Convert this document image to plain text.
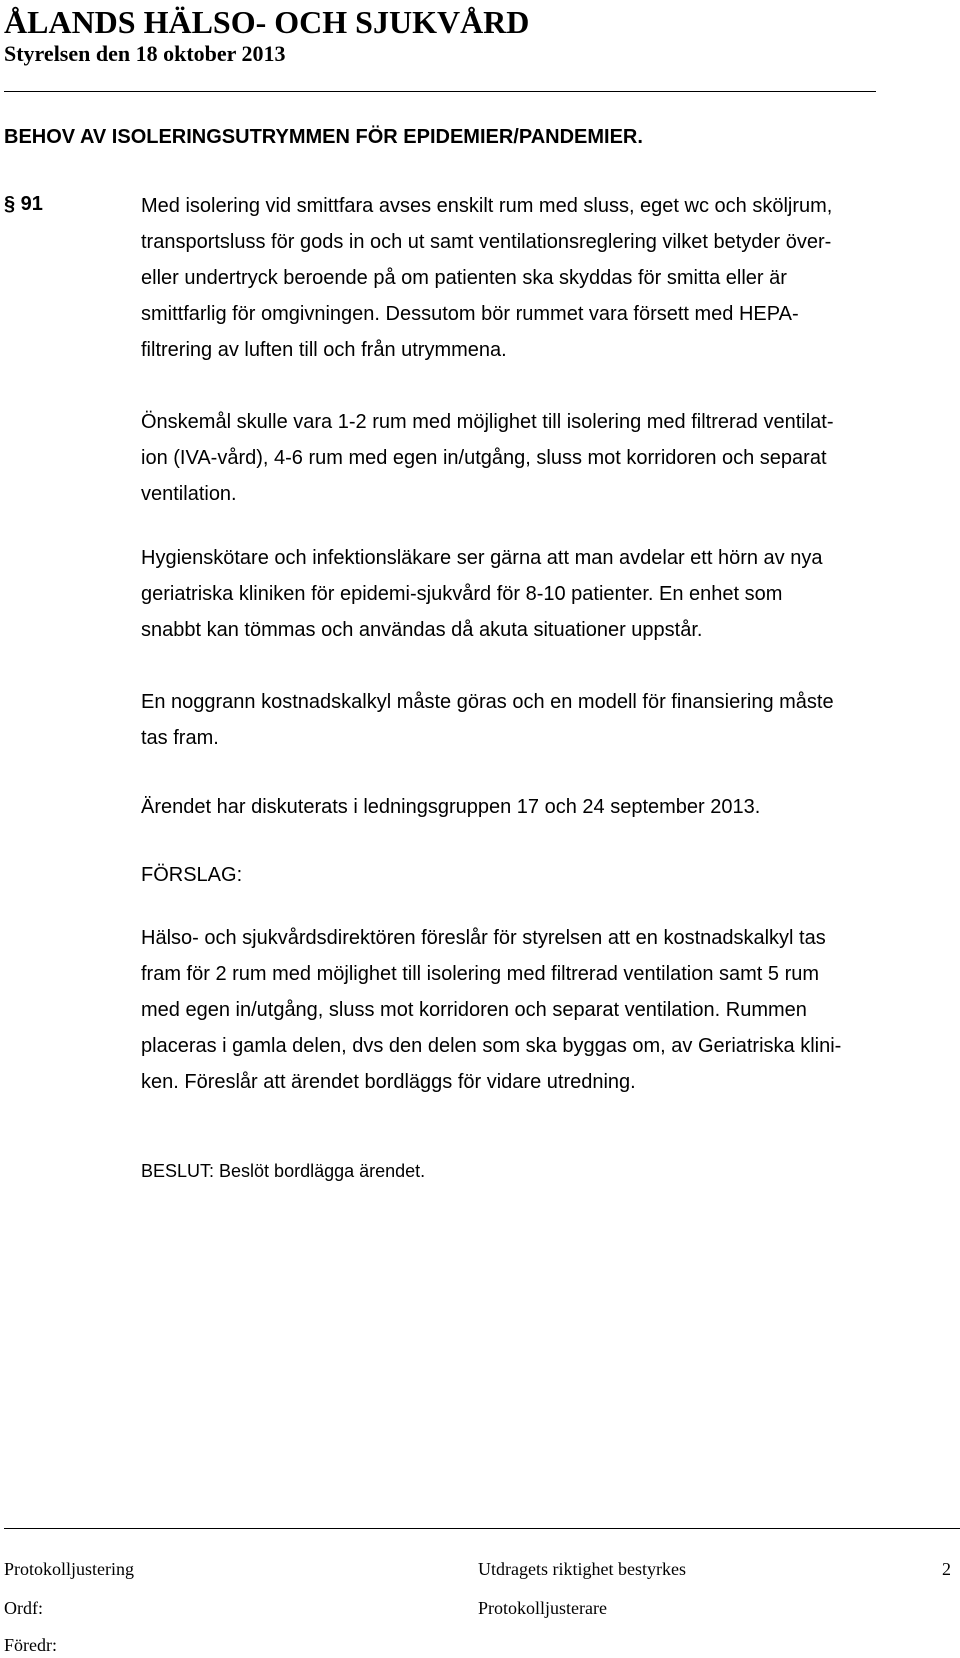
ÅLANDS HÄLSO- OCH SJUKVÅRD
Styrelsen den 18 oktober 2013
BEHOV AV ISOLERINGSUTRYMMEN FÖR EPIDEMIER/PANDEMIER.
§ 91	Med isolering vid smittfara avses enskilt rum med sluss, eget wc och sköljrum,
transportsluss för gods in och ut samt ventilationsreglering vilket betyder över-
eller undertryck beroende på om patienten ska skyddas för smitta eller är
smittfarlig för omgivningen. Dessutom bör rummet vara försett med HEPA-
filtrering av luften till och från utrymmena.
Önskemål skulle vara 1-2 rum med möjlighet till isolering med filtrerad ventilat-
ion (IVA-vård), 4-6 rum med egen in/utgång, sluss mot korridoren och separat
ventilation.
Hygienskötare och infektionsläkare ser gärna att man avdelar ett hörn av nya
geriatriska kliniken för epidemi-sjukvård för 8-10 patienter. En enhet som
snabbt kan tömmas och användas då akuta situationer uppstår.
En noggrann kostnadskalkyl måste göras och en modell för finansiering måste
tas fram.
Ärendet har diskuterats i ledningsgruppen 17 och 24 september 2013.
FÖRSLAG:
Hälso- och sjukvårdsdirektören föreslår för styrelsen att en kostnadskalkyl tas
fram för 2 rum med möjlighet till isolering med filtrerad ventilation samt 5 rum
med egen in/utgång, sluss mot korridoren och separat ventilation. Rummen
placeras i gamla delen, dvs den delen som ska byggas om, av Geriatriska klini-
ken. Föreslår att ärendet bordläggs för vidare utredning.
BESLUT: Beslöt bordlägga ärendet.
Protokolljustering	Utdragets riktighet bestyrkes	2
Ordf:	Protokolljusterare
Föredr:
